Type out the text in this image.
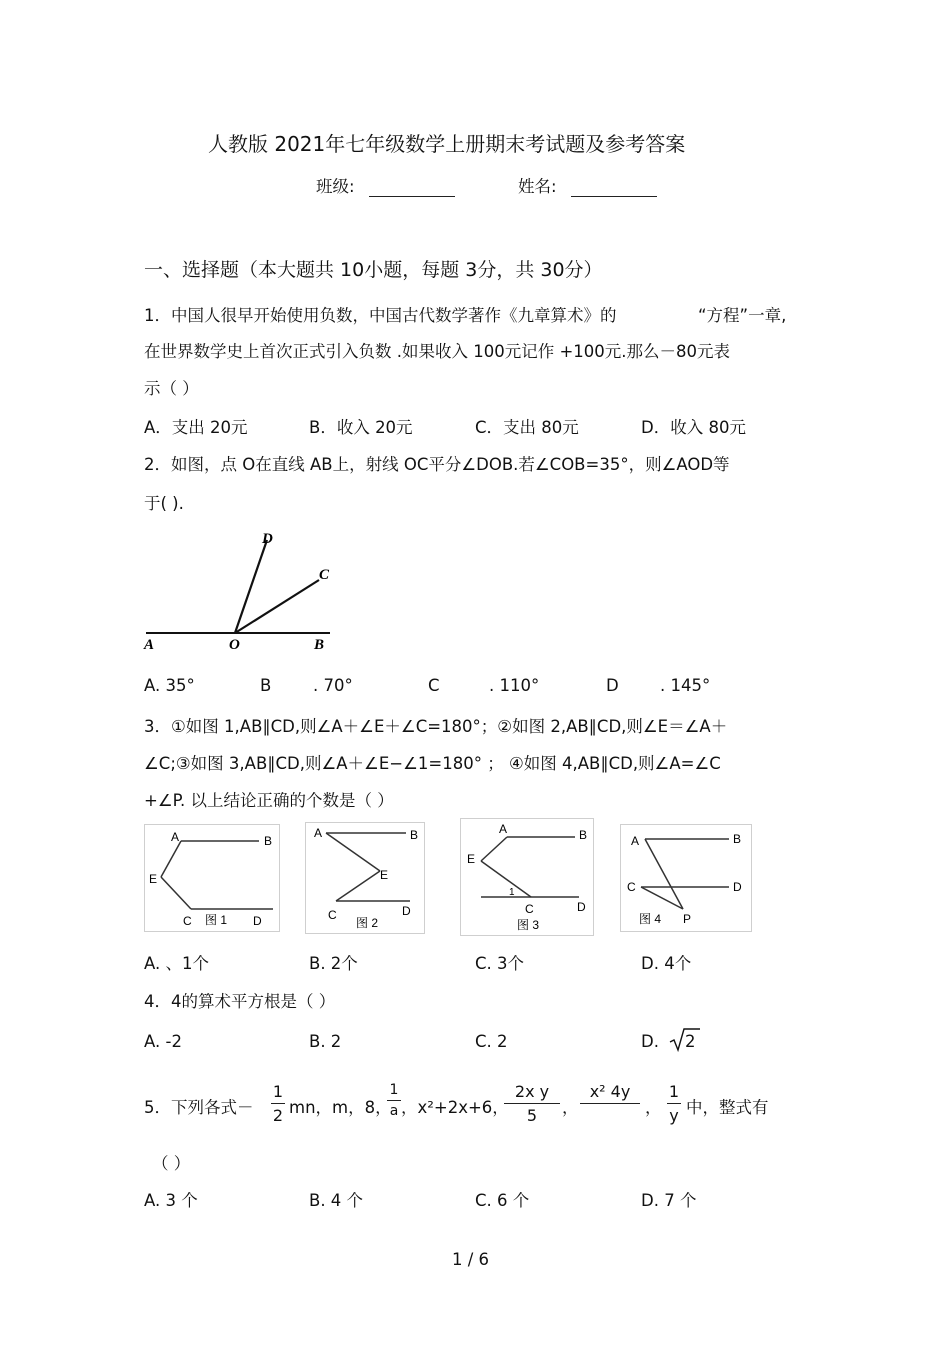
人教版 2021年七年级数学上册期末考试题及参考答案
班级:	姓名:
一、选择题（本大题共 10小题，每题 3分，共 30分）
1．中国人很早开始使用负数，中国古代数学著作《九章算术》的	“方程”一章,
在世界数学史上首次正式引入负数 .如果收入 100元记作 +100元.那么－80元表
示（ ）
A．支出 20元	B．收入 20元	C．支出 80元	D．收入 80元
2．如图，点 O在直线 AB上，射线 OC平分∠DOB.若∠COB=35°，则∠AOD等
于( ).
D
C
A	O	B
A. 35°	B	. 70°	C	. 110°	D	. 145°
3．①如图 1,AB∥CD,则∠A＋∠E＋∠C=180°；②如图 2,AB∥CD,则∠E＝∠A＋
∠C;③如图 3,AB∥CD,则∠A＋∠E−∠1=180° ； ④如图 4,AB∥CD,则∠A=∠C
+∠P. 以上结论正确的个数是（ ）
A	B
E
C	D
图 1
A	B
E
C	D
图 2
A	B
E
1
C	D
图 3
A	B
C	D
P
图 4
A. 、1个	B. 2个	C. 3个	D. 4个
4．4的算术平方根是（ ）
A. -2	B. 2	C. 2	D. 2
5．下列各式－
1
2 mn，m，8，
1
a ，x²+2x+6，
2x y
5	，
x² 4y
，
1
y 中，整式有
（ ）
A. 3 个	B. 4 个	C. 6 个	D. 7 个
1 / 6
